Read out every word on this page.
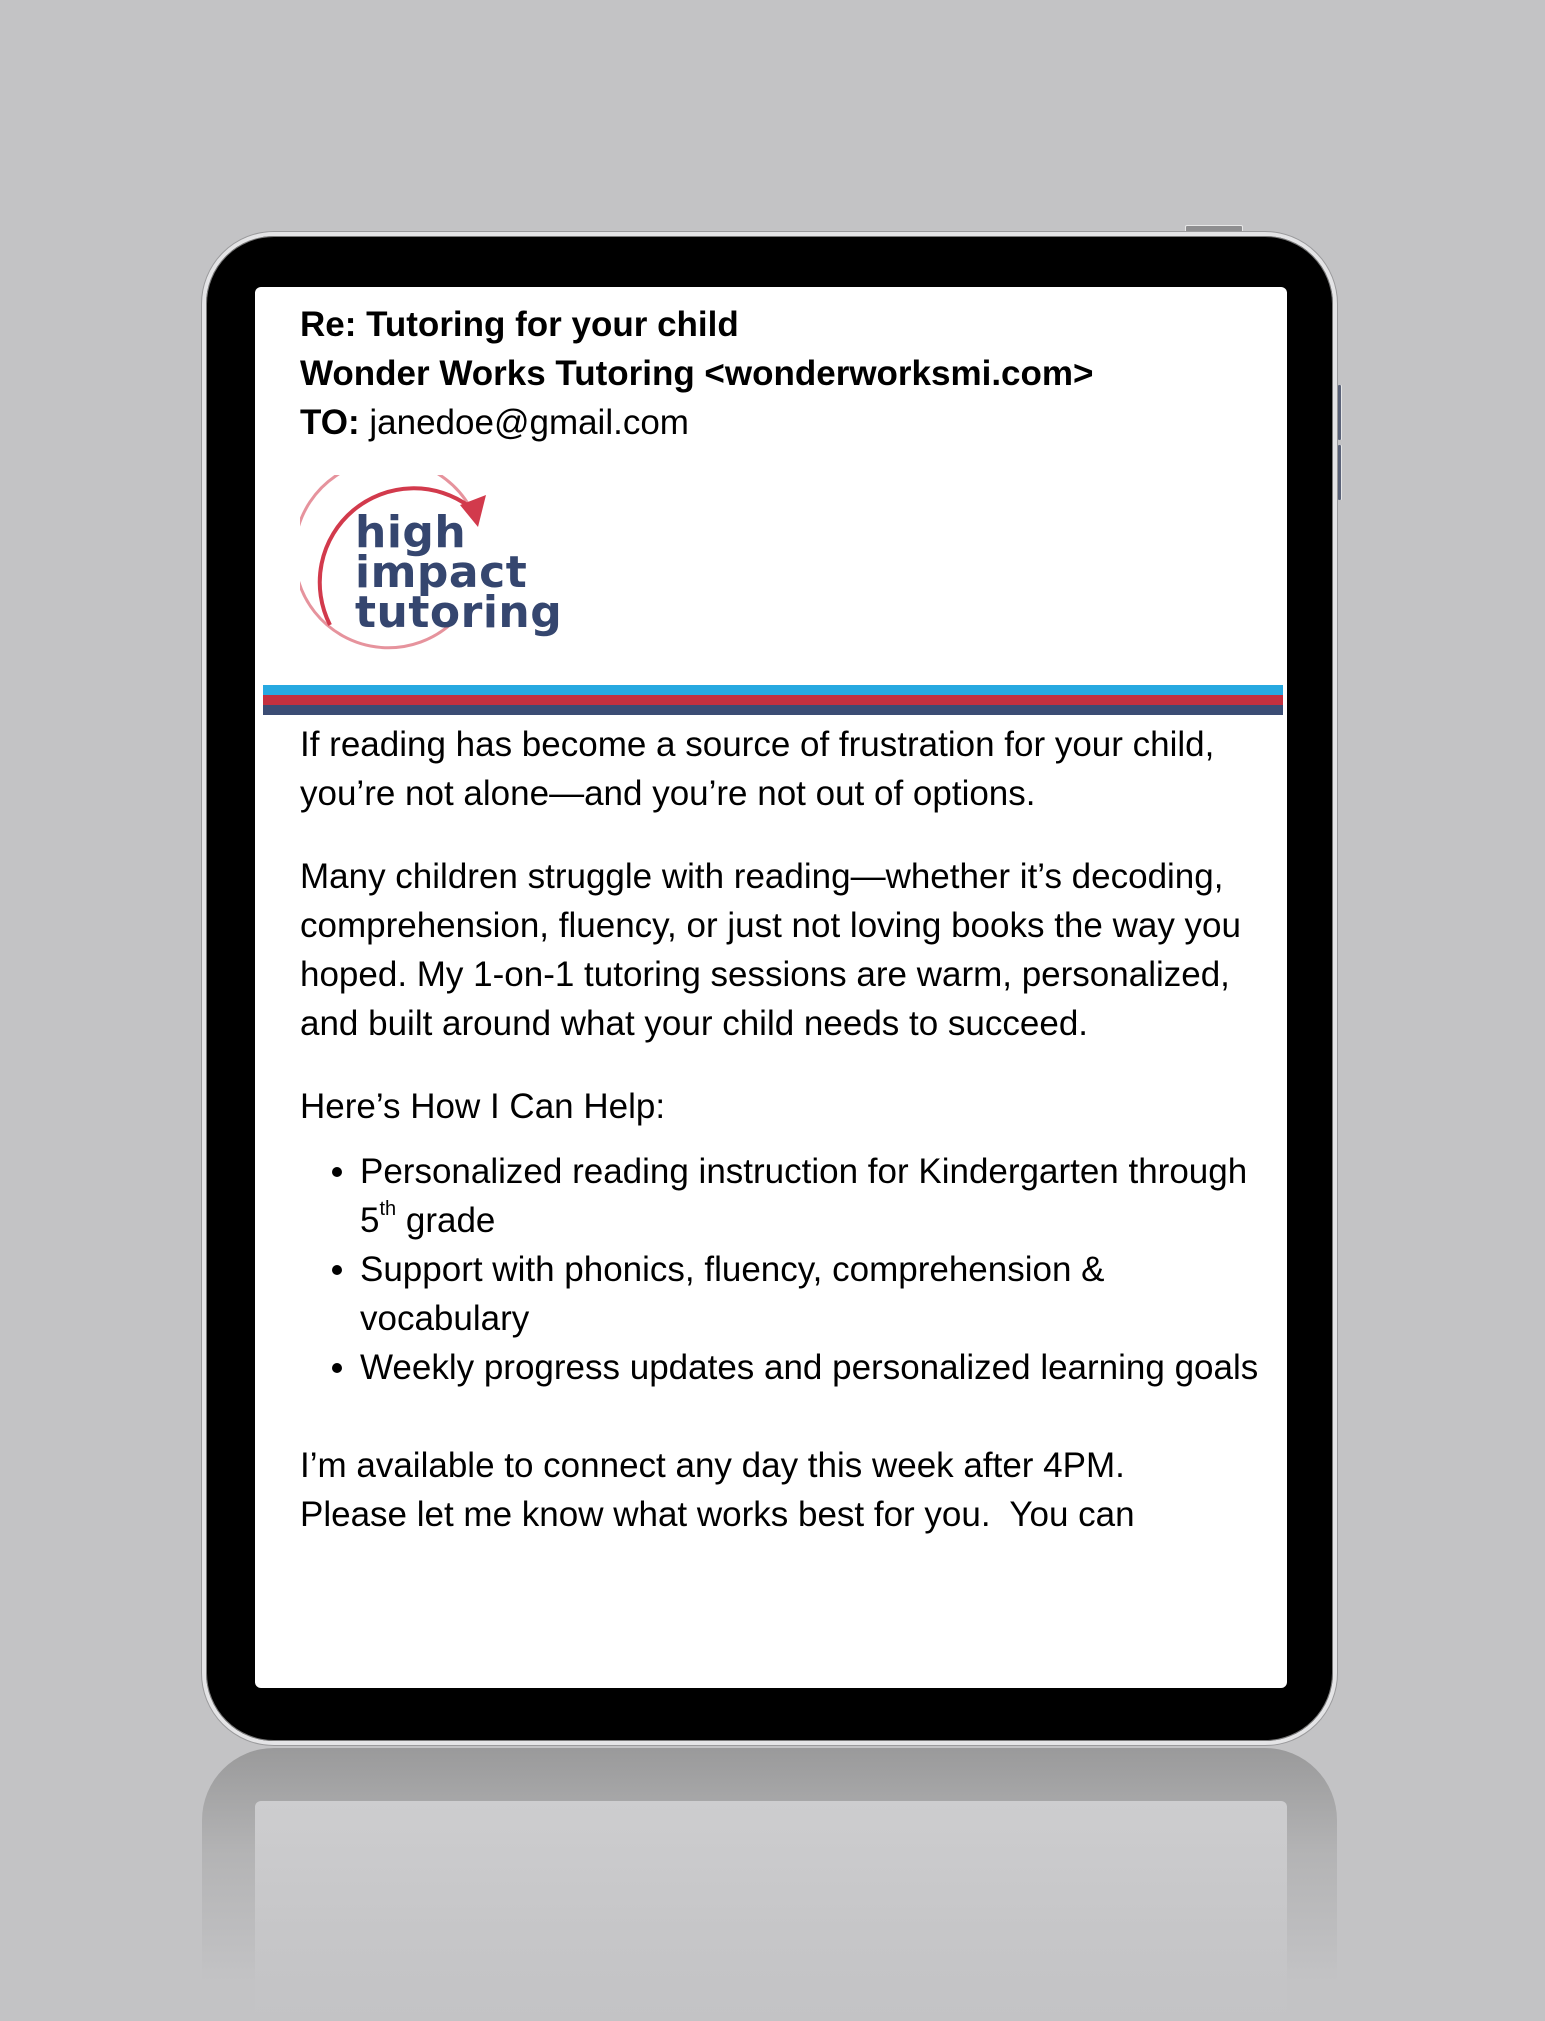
Re: Tutoring for your child
Wonder Works Tutoring <wonderworksmi.com>
TO: janedoe@gmail.com
high
impact
tutoring

If reading has become a source of frustration for your child, you’re not alone—and you’re not out of options.

Many children struggle with reading—whether it’s decoding, comprehension, fluency, or just not loving books the way you hoped. My 1-on-1 tutoring sessions are warm, personalized, and built around what your child needs to succeed.

Here’s How I Can Help:

Personalized reading instruction for Kindergarten through 5th grade
Support with phonics, fluency, comprehension & vocabulary
Weekly progress updates and personalized learning goals
I’m available to connect any day this week after 4PM.
Please let me know what works best for you.  You can
